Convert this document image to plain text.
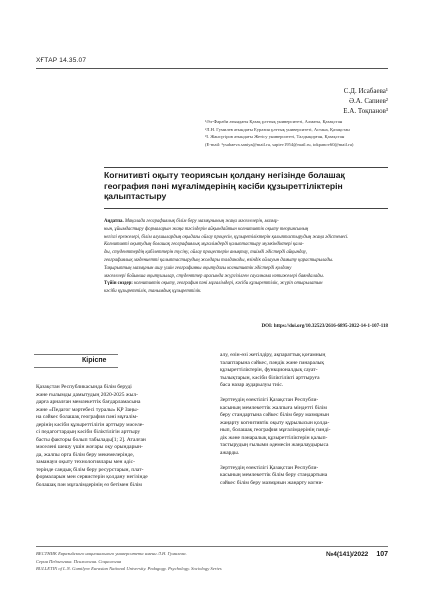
ХҒТАР 14.35.07
С.Д. Исабаева¹
Ә.А. Сапиев²
Е.А. Тоқпанов³
¹Әл-Фараби атындағы Қазақ ұлттық университеті, Алматы, Қазақстан
²Л.Н. Гумилев атындағы Еуразия ұлттық университеті, Астана, Қазақстан
³І. Жансүгіров атындағы Жетісу университеті, Талдықорған, Қазақстан
(E-mail: ³ysabaeva.saniya@mail.ru, sapiev1954@mail.ru, tokpanov60@mail.ru)
Когнитивті оқыту теориясын қолдану негізінде болашақ
география пәні мұғалімдерінің кәсіби құзыреттіліктерін
қалыптастыру
Аңдатпа. Мақалада географиялық білім беру мазмұнының жаңа мәселелерін, мазмұ-
нын, ұйымдастыру формаларын жаңа тәсілдерін айқындайтын когнитивтік оқыту теориясының
негізгі ережелері, білім алушылардың оқыдағы ойлау процесін, құзыретіліктерін қалыптастырудың жаңа әдістемесі.
Когнитивті оқытудың болашақ географиялық мұғалімдерді қалыптастыру мүмкіндіктері қала-
ды, студенттердің қабілеттерін түсіну, ойлау процестерін анықтау, тиімді әдістерді айқындау,
географиялық мәдениетті қалыптастырудың жолдары талданады, өзіндік ойлауын дамыту қарастырылады.
Тақырыптың мазмұнын ашу үшін географияны оқытудағы когнитивтік әдістерді қолдану
мәселелері бойынша оқытушылар, студенттер арасында жүргізілген сауалнама нәтижелері баяндалады.
Түйін сөздер: когнитивтік оқыту, география пәні мұғалімдері, кәсіби құзыреттілік, жүріп отырылатын
кәсіби құзыреттілік, танымдық құзыреттілік.
DOI: https://doi.org/10.32523/2616-6895-2022-14-1-107-118
Кіріспе
Қазақстан Республикасында білім беруді
және ғылымды дамытудың 2020-2025 жыл-
дарға арналған мемлекеттік бағдарламасына
және «Педагог мәртебесі туралы» ҚР Заңы-
на сәйкес болашақ география пәні мұғалім-
дерінің кәсіби құзыреттілігін арттыру мәселе-
сі педагогтардың кәсіби біліктілігін арттыру
басты факторы болып табылады[1; 2]. Аталған
мәселені шешу үшін жоғары оқу орындарын-
да, жалпы орта білім беру мекемелерінде,
заманауи оқыту технологиялары мен әдіс-
терінде сандық білім беру ресурстарын, плат-
формаларын мен сервистерін қолдану негізінде
болашақ пән мұғалімдерінің өз бетімен білім
алу, өзін-өзі жетілдіру, ақпараттық қоғамның
талаптарына сәйкес, пәндік және пәнаралық
құзыреттіліктерін, функционалдық сауат-
тылықтарын, кәсіби біліктілікті арттыруға
баса назар аударылуы тиіс.
Зерттеудің өзектілігі Қазақстан Республи-
касының мемлекеттік жалпыға міндетті білім
беру стандартына сәйкес білім беру мазмұнын
жаңарту когнитивтік оқыту құрылысын қолда-
нып, болашақ география мұғалімдерінің пәнді-
дік және пәнаралық құзыреттіліктерін қалып-
тастырудың ғылыми әдемесін жаңалаудырыса
ажарды.
Зерттеудің өзектілігі Қазақстан Республи-
касының мемлекеттік білім беру стандартына
сәйкес білім беру мазмұнын жаңарту когни-
ВЕСТНИК Евразийского национального университета имени Л.Н. Гумилева.
Серия Педагогика. Психология. Социология
BULLETIN of L.N. Gumilyov Eurasian National University. Pedagogy. Psychology. Sociology Series
№4(141)/2022 107
